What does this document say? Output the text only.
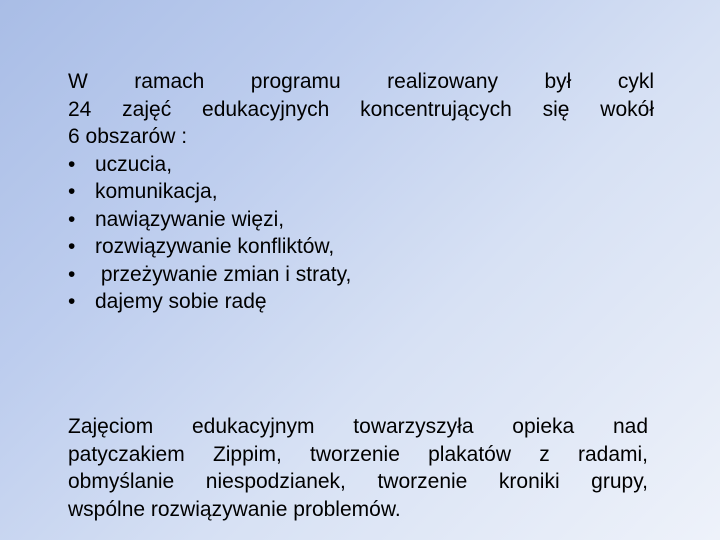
W ramach programu realizowany był cykl
24 zajęć edukacyjnych koncentrujących się wokół
6 obszarów :

• uczucia,
• komunikacja,
• nawiązywanie więzi,
• rozwiązywanie konfliktów,
• przeżywanie zmian i straty,
• dajemy sobie radę

Zajęciom edukacyjnym towarzyszyła opieka nad
patyczakiem Zippim, tworzenie plakatów z radami,
obmyślanie niespodzianek, tworzenie kroniki grupy,
wspólne rozwiązywanie problemów.
